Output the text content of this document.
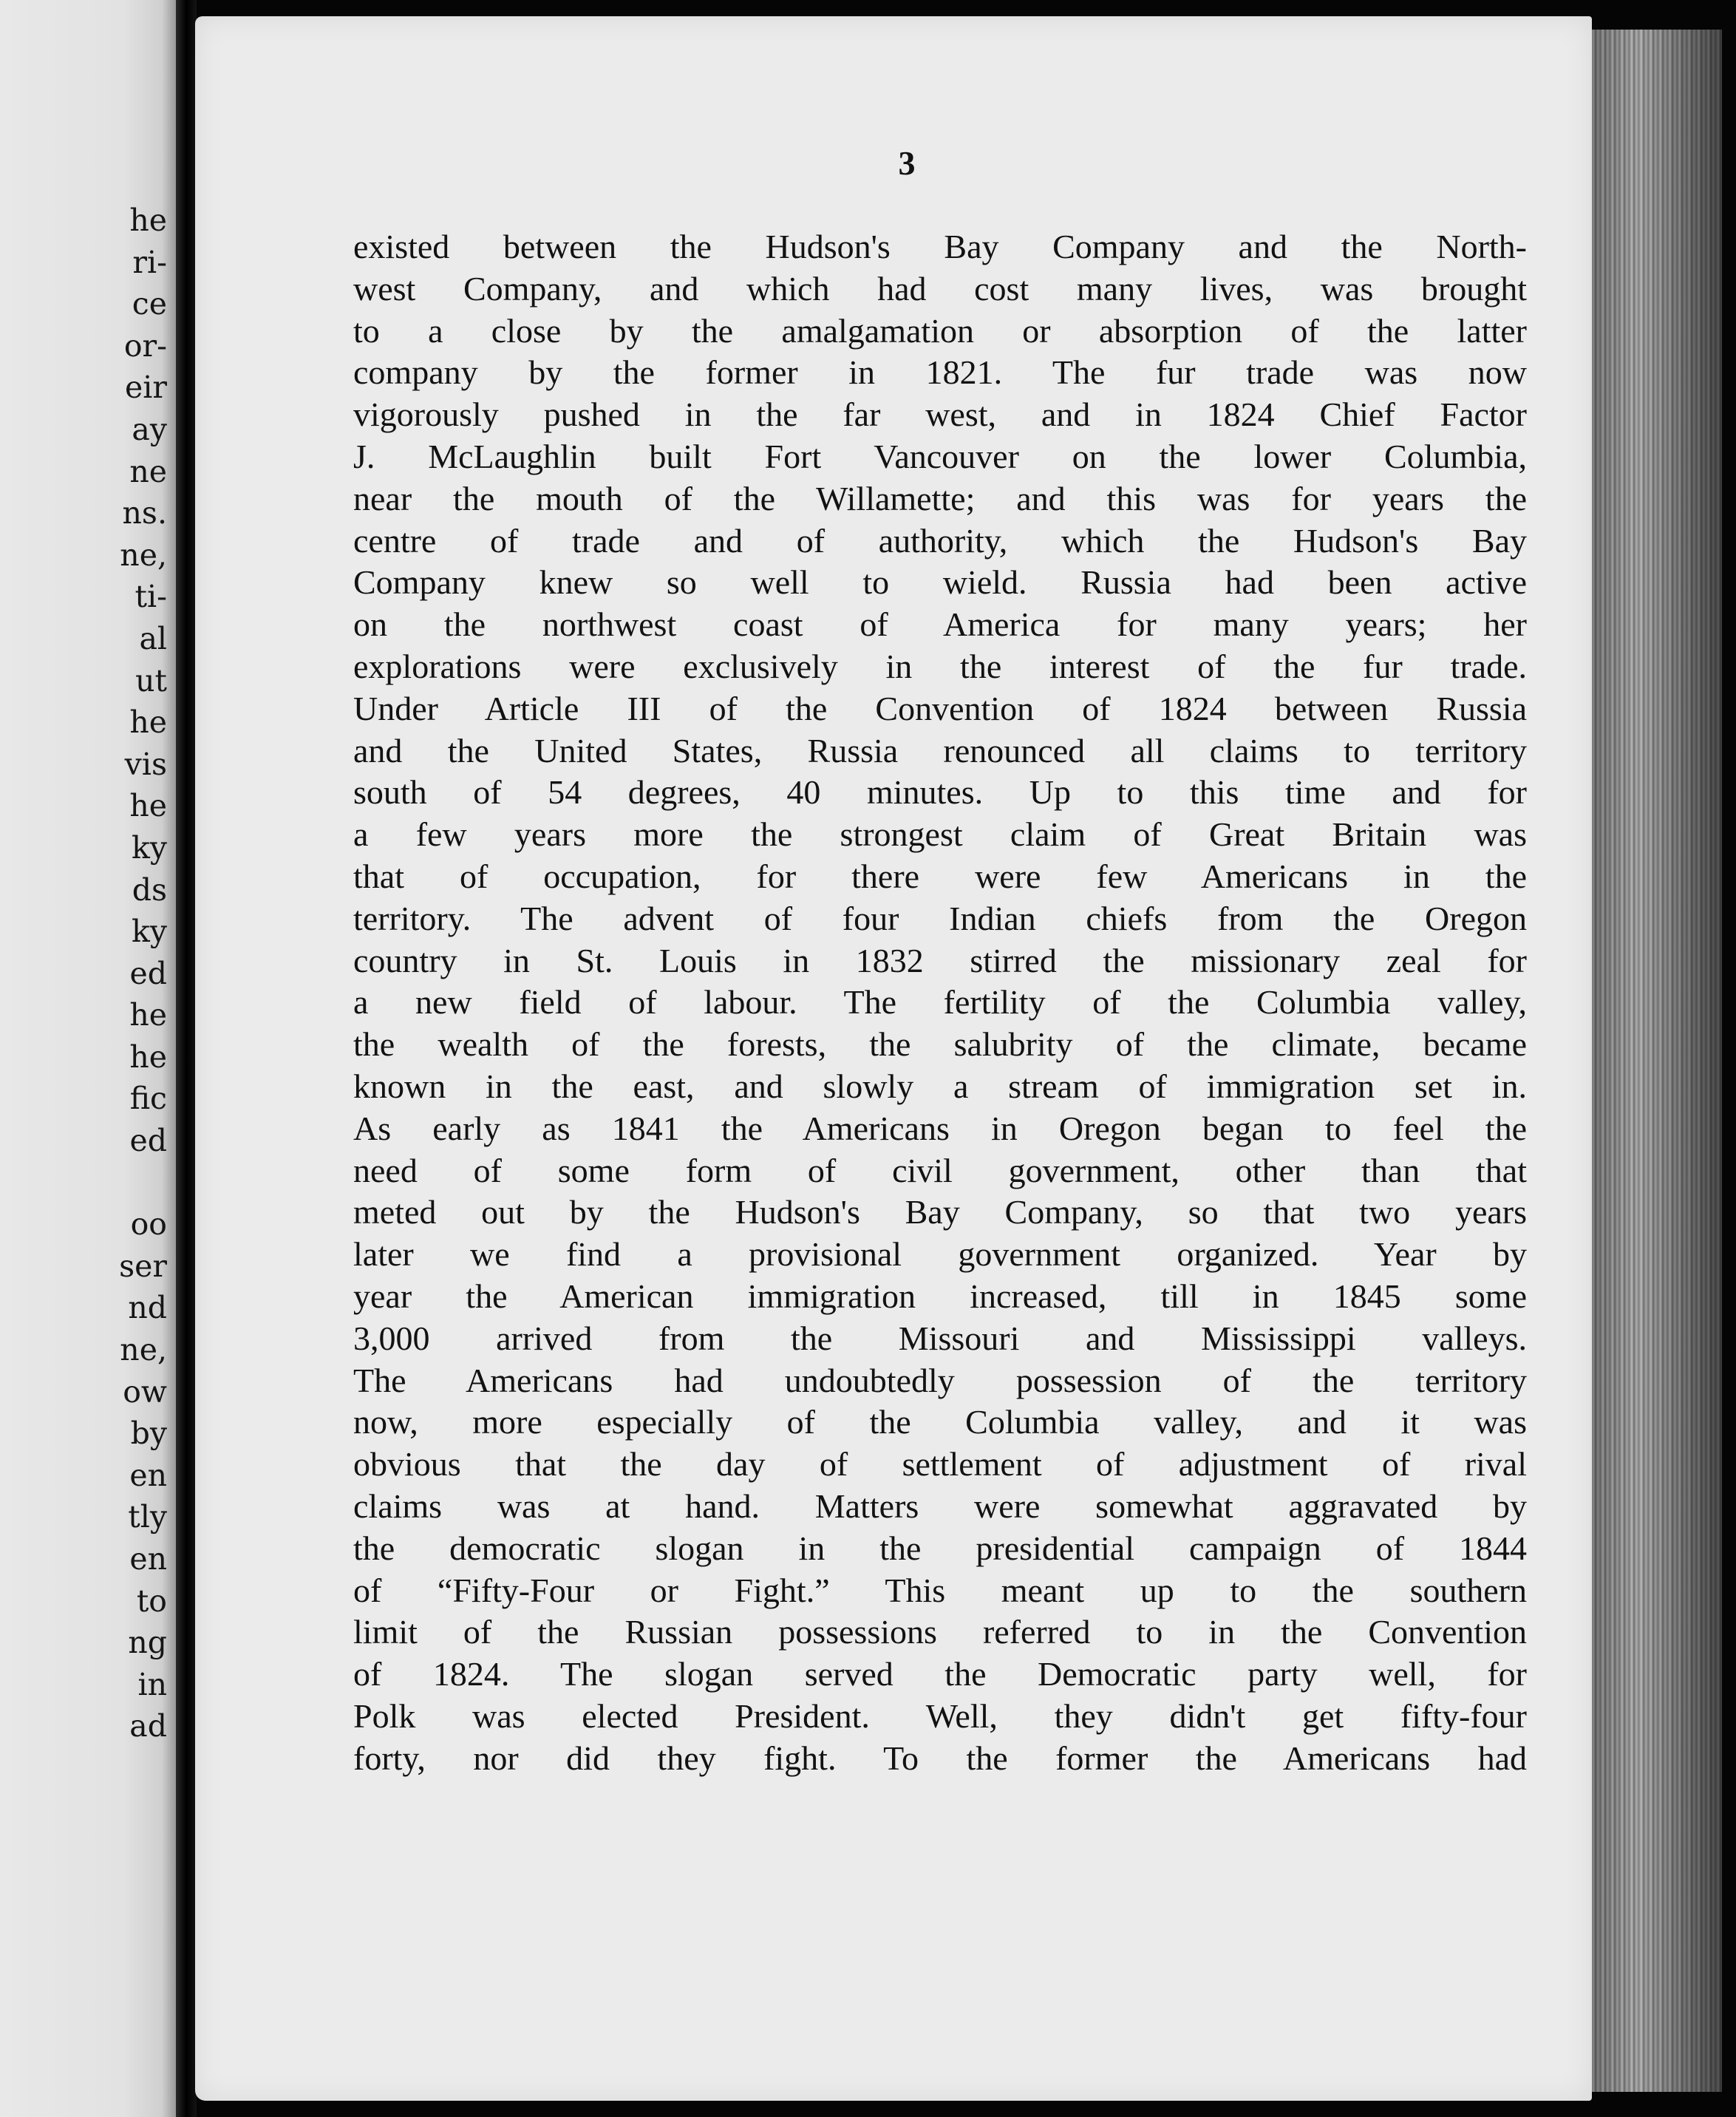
he
ri-
ce
or-
eir
ay
ne
ns.
ne,
ti-
al
ut
he
vis
he
ky
ds
ky
ed
he
he
fic
ed

oo
ser
nd
ne,
ow
by
en
tly
en
to
ng
in
ad
3
existed between the Hudson's Bay Company and the North-
west Company, and which had cost many lives, was brought
to a close by the amalgamation or absorption of the latter
company by the former in 1821. The fur trade was now
vigorously pushed in the far west, and in 1824 Chief Factor
J. McLaughlin built Fort Vancouver on the lower Columbia,
near the mouth of the Willamette; and this was for years the
centre of trade and of authority, which the Hudson's Bay
Company knew so well to wield. Russia had been active
on the northwest coast of America for many years; her
explorations were exclusively in the interest of the fur trade.
Under Article III of the Convention of 1824 between Russia
and the United States, Russia renounced all claims to territory
south of 54 degrees, 40 minutes. Up to this time and for
a few years more the strongest claim of Great Britain was
that of occupation, for there were few Americans in the
territory. The advent of four Indian chiefs from the Oregon
country in St. Louis in 1832 stirred the missionary zeal for
a new field of labour. The fertility of the Columbia valley,
the wealth of the forests, the salubrity of the climate, became
known in the east, and slowly a stream of immigration set in.
As early as 1841 the Americans in Oregon began to feel the
need of some form of civil government, other than that
meted out by the Hudson's Bay Company, so that two years
later we find a provisional government organized. Year by
year the American immigration increased, till in 1845 some
3,000 arrived from the Missouri and Mississippi valleys.
The Americans had undoubtedly possession of the territory
now, more especially of the Columbia valley, and it was
obvious that the day of settlement of adjustment of rival
claims was at hand. Matters were somewhat aggravated by
the democratic slogan in the presidential campaign of 1844
of “Fifty-Four or Fight.” This meant up to the southern
limit of the Russian possessions referred to in the Convention
of 1824. The slogan served the Democratic party well, for
Polk was elected President. Well, they didn't get fifty-four
forty, nor did they fight. To the former the Americans had
